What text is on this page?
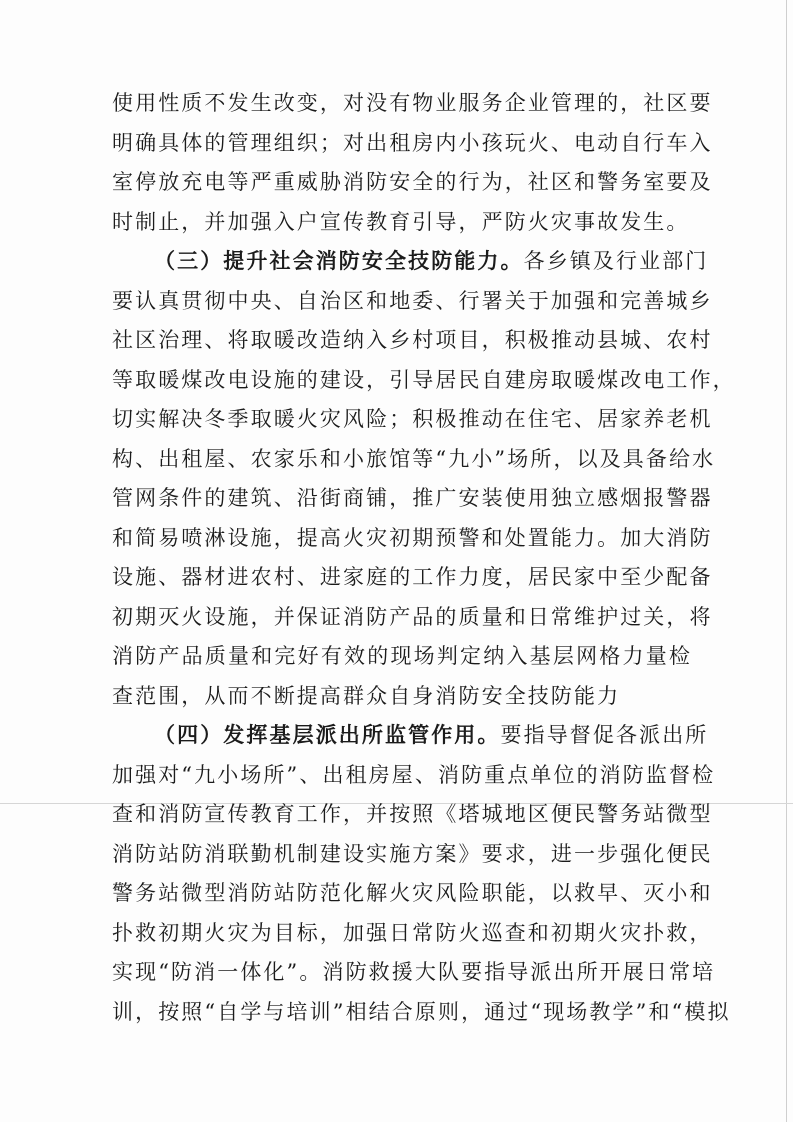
使用性质不发生改变，对没有物业服务企业管理的，社区要
明确具体的管理组织；对出租房内小孩玩火、电动自行车入
室停放充电等严重威胁消防安全的行为，社区和警务室要及
时制止，并加强入户宣传教育引导，严防火灾事故发生。
（三）提升社会消防安全技防能力。各乡镇及行业部门
要认真贯彻中央、自治区和地委、行署关于加强和完善城乡
社区治理、将取暖改造纳入乡村项目，积极推动县城、农村
等取暖煤改电设施的建设，引导居民自建房取暖煤改电工作，
切实解决冬季取暖火灾风险；积极推动在住宅、居家养老机
构、出租屋、农家乐和小旅馆等“九小”场所，以及具备给水
管网条件的建筑、沿街商铺，推广安装使用独立感烟报警器
和简易喷淋设施，提高火灾初期预警和处置能力。加大消防
设施、器材进农村、进家庭的工作力度，居民家中至少配备
初期灭火设施，并保证消防产品的质量和日常维护过关，将
消防产品质量和完好有效的现场判定纳入基层网格力量检
查范围，从而不断提高群众自身消防安全技防能力
（四）发挥基层派出所监管作用。要指导督促各派出所
加强对“九小场所”、出租房屋、消防重点单位的消防监督检
查和消防宣传教育工作，并按照《塔城地区便民警务站微型
消防站防消联勤机制建设实施方案》要求，进一步强化便民
警务站微型消防站防范化解火灾风险职能，以救早、灭小和
扑救初期火灾为目标，加强日常防火巡查和初期火灾扑救，
实现“防消一体化”。消防救援大队要指导派出所开展日常培
训，按照“自学与培训”相结合原则，通过“现场教学”和“模拟
